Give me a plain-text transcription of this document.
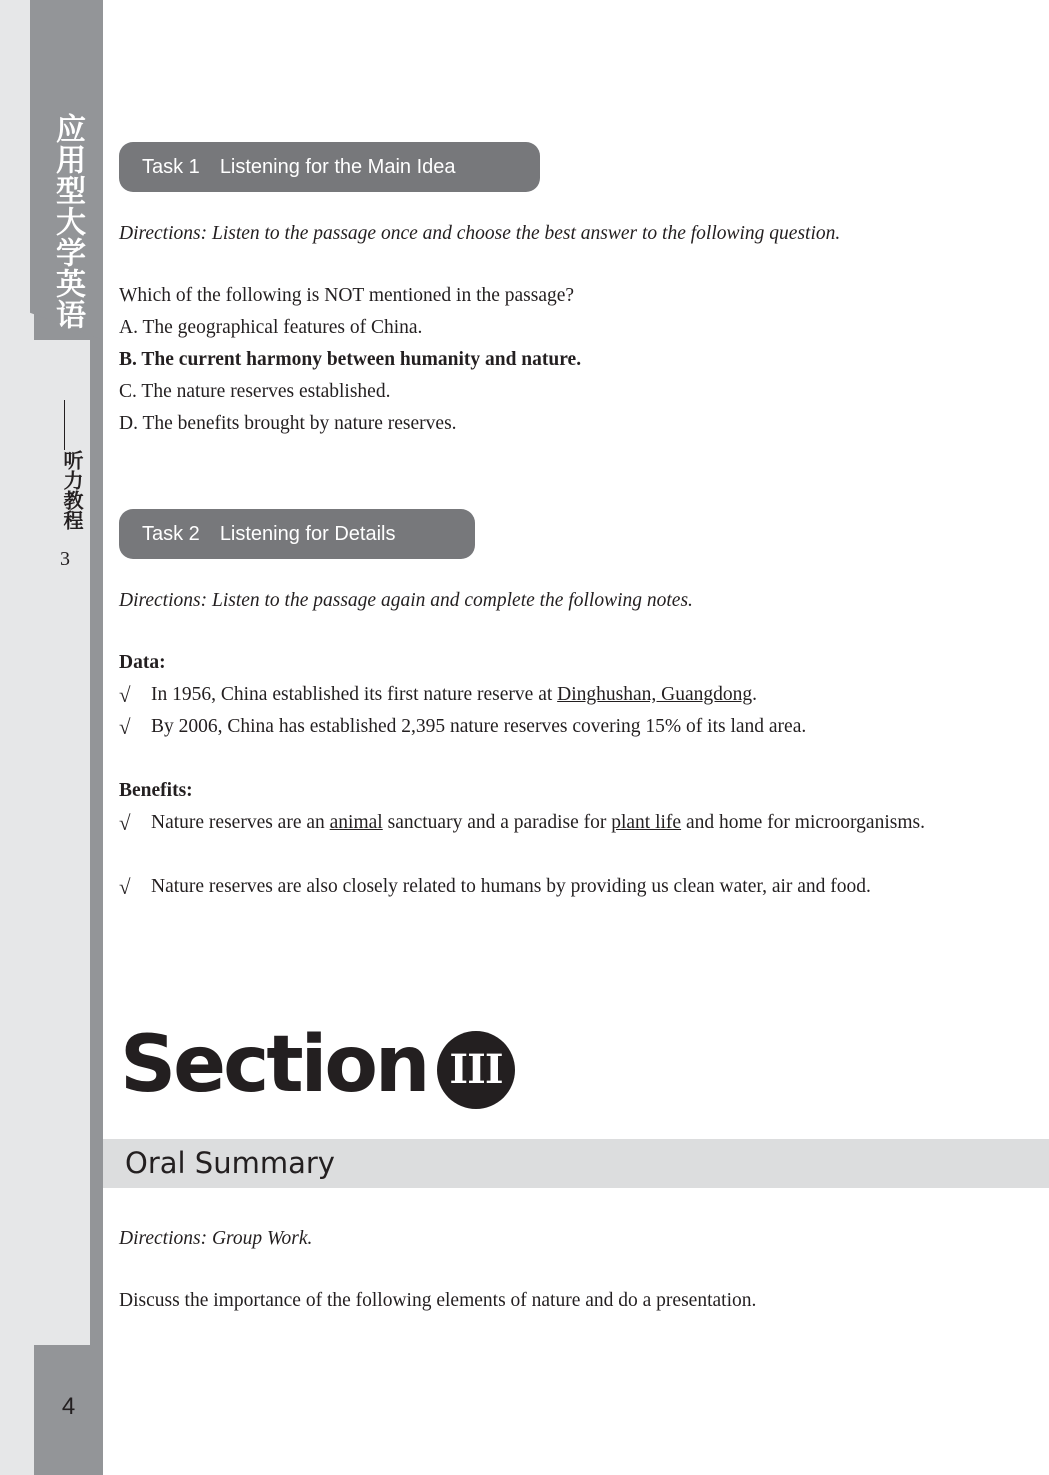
应用型大学英语
听力教程
3
4
Task 1 Listening for the Main Idea
Directions: Listen to the passage once and choose the best answer to the following question.
Which of the following is NOT mentioned in the passage?
A. The geographical features of China.
B. The current harmony between humanity and nature.
C. The nature reserves established.
D. The benefits brought by nature reserves.
Task 2 Listening for Details
Directions: Listen to the passage again and complete the following notes.
Data:
√ In 1956, China established its first nature reserve at Dinghushan, Guangdong.
√ By 2006, China has established 2,395 nature reserves covering 15% of its land area.
Benefits:
√ Nature reserves are an animal sanctuary and a paradise for plant life and home for microorganisms.
√ Nature reserves are also closely related to humans by providing us clean water, air and food.
Section III
Oral Summary
Directions: Group Work.
Discuss the importance of the following elements of nature and do a presentation.
